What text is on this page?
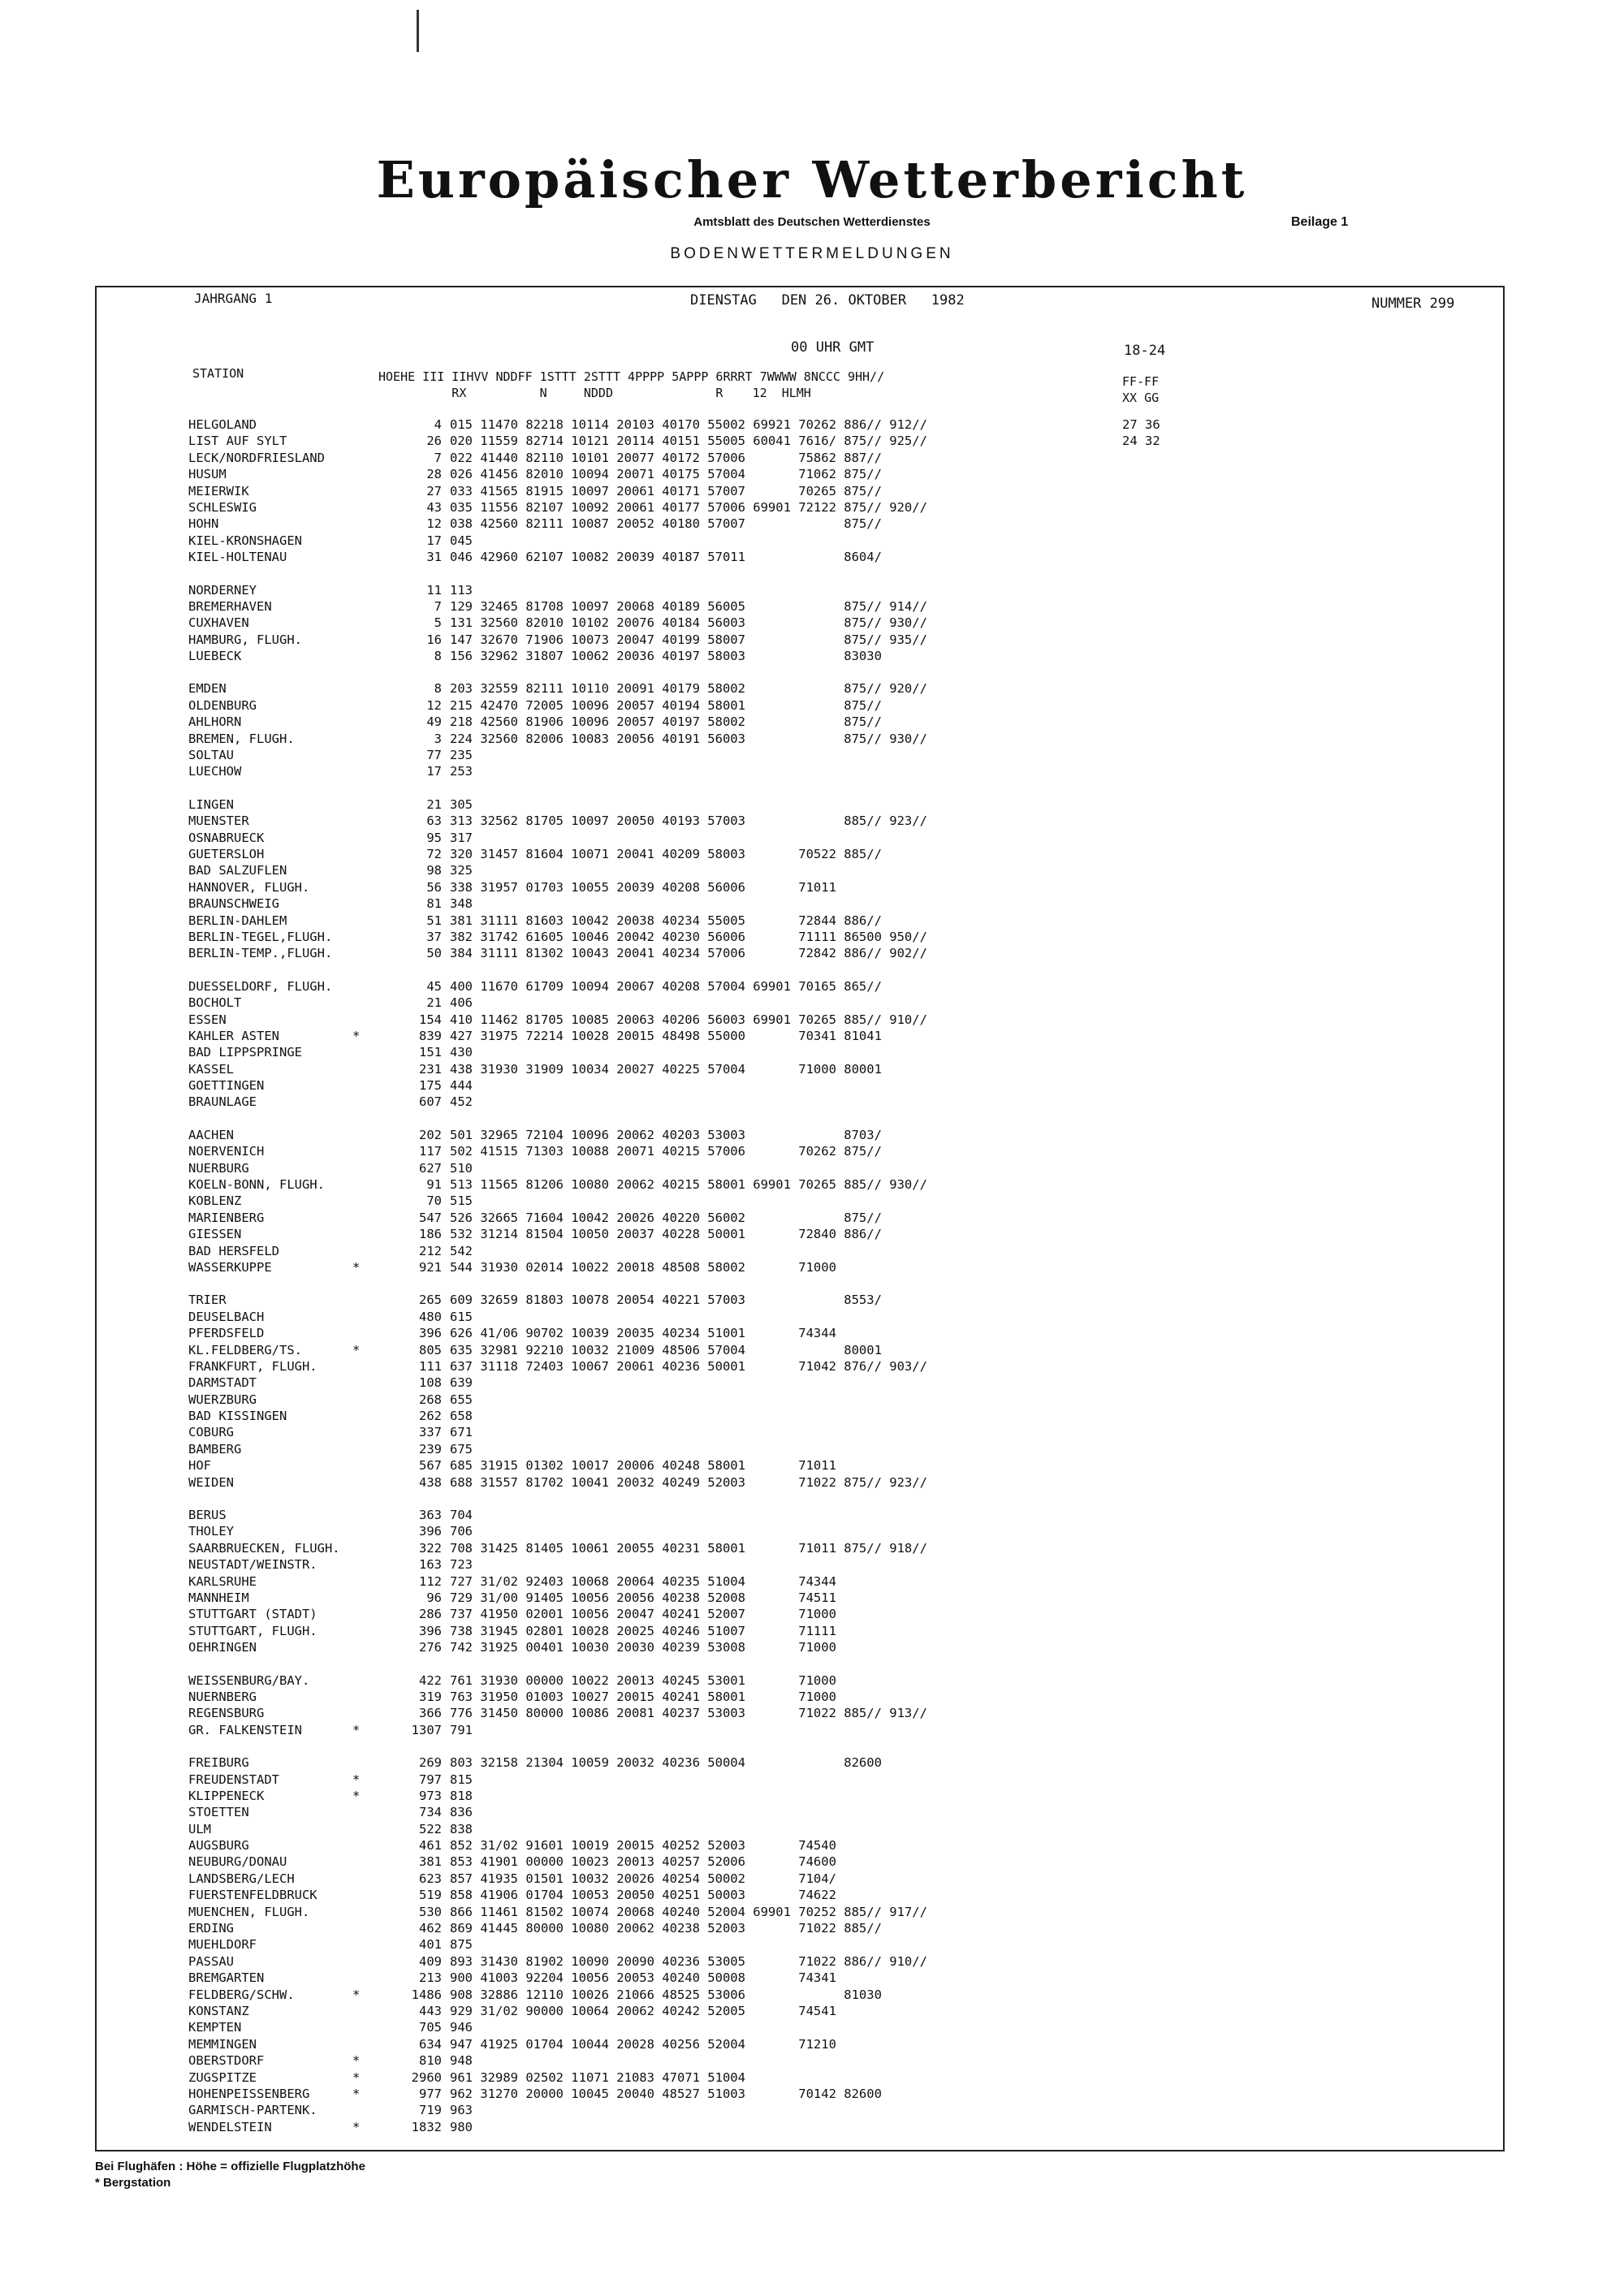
Europäischer Wetterbericht
Amtsblatt des Deutschen Wetterdienstes	Beilage 1
BODENWETTERMELDUNGEN
JAHRGANG 1	DIENSTAG   DEN 26. OKTOBER   1982	NUMMER 299
00 UHR GMT	18-24
STATION	HOEHE III IIHVV NDDFF 1STTT 2STTT 4PPPP 5APPP 6RRRT 7WWWW 8NCCC 9HH//
RX          N     NDDD              R    12  HLMH
FF-FF
XX GG
HELGOLAND	4 015 11470 82218 10114 20103 40170 55002 69921 70262 886// 912//	27 36
LIST AUF SYLT	26 020 11559 82714 10121 20114 40151 55005 60041 7616/ 875// 925//	24 32
LECK/NORDFRIESLAND	7 022 41440 82110 10101 20077 40172 57006       75862 887//
HUSUM	28 026 41456 82010 10094 20071 40175 57004       71062 875//
MEIERWIK	27 033 41565 81915 10097 20061 40171 57007       70265 875//
SCHLESWIG	43 035 11556 82107 10092 20061 40177 57006 69901 72122 875// 920//
HOHN	12 038 42560 82111 10087 20052 40180 57007             875//
KIEL-KRONSHAGEN	17 045
KIEL-HOLTENAU	31 046 42960 62107 10082 20039 40187 57011             8604/
NORDERNEY	11 113
BREMERHAVEN	7 129 32465 81708 10097 20068 40189 56005             875// 914//
CUXHAVEN	5 131 32560 82010 10102 20076 40184 56003             875// 930//
HAMBURG, FLUGH.	16 147 32670 71906 10073 20047 40199 58007             875// 935//
LUEBECK	8 156 32962 31807 10062 20036 40197 58003             83030
EMDEN	8 203 32559 82111 10110 20091 40179 58002             875// 920//
OLDENBURG	12 215 42470 72005 10096 20057 40194 58001             875//
AHLHORN	49 218 42560 81906 10096 20057 40197 58002             875//
BREMEN, FLUGH.	3 224 32560 82006 10083 20056 40191 56003             875// 930//
SOLTAU	77 235
LUECHOW	17 253
LINGEN	21 305
MUENSTER	63 313 32562 81705 10097 20050 40193 57003             885// 923//
OSNABRUECK	95 317
GUETERSLOH	72 320 31457 81604 10071 20041 40209 58003       70522 885//
BAD SALZUFLEN	98 325
HANNOVER, FLUGH.	56 338 31957 01703 10055 20039 40208 56006       71011
BRAUNSCHWEIG	81 348
BERLIN-DAHLEM	51 381 31111 81603 10042 20038 40234 55005       72844 886//
BERLIN-TEGEL,FLUGH.	37 382 31742 61605 10046 20042 40230 56006       71111 86500 950//
BERLIN-TEMP.,FLUGH.	50 384 31111 81302 10043 20041 40234 57006       72842 886// 902//
DUESSELDORF, FLUGH.	45 400 11670 61709 10094 20067 40208 57004 69901 70165 865//
BOCHOLT	21 406
ESSEN	154 410 11462 81705 10085 20063 40206 56003 69901 70265 885// 910//
KAHLER ASTEN	*	839 427 31975 72214 10028 20015 48498 55000       70341 81041
BAD LIPPSPRINGE	151 430
KASSEL	231 438 31930 31909 10034 20027 40225 57004       71000 80001
GOETTINGEN	175 444
BRAUNLAGE	607 452
AACHEN	202 501 32965 72104 10096 20062 40203 53003             8703/
NOERVENICH	117 502 41515 71303 10088 20071 40215 57006       70262 875//
NUERBURG	627 510
KOELN-BONN, FLUGH.	91 513 11565 81206 10080 20062 40215 58001 69901 70265 885// 930//
KOBLENZ	70 515
MARIENBERG	547 526 32665 71604 10042 20026 40220 56002             875//
GIESSEN	186 532 31214 81504 10050 20037 40228 50001       72840 886//
BAD HERSFELD	212 542
WASSERKUPPE	*	921 544 31930 02014 10022 20018 48508 58002       71000
TRIER	265 609 32659 81803 10078 20054 40221 57003             8553/
DEUSELBACH	480 615
PFERDSFELD	396 626 41/06 90702 10039 20035 40234 51001       74344
KL.FELDBERG/TS.	*	805 635 32981 92210 10032 21009 48506 57004             80001
FRANKFURT, FLUGH.	111 637 31118 72403 10067 20061 40236 50001       71042 876// 903//
DARMSTADT	108 639
WUERZBURG	268 655
BAD KISSINGEN	262 658
COBURG	337 671
BAMBERG	239 675
HOF	567 685 31915 01302 10017 20006 40248 58001       71011
WEIDEN	438 688 31557 81702 10041 20032 40249 52003       71022 875// 923//
BERUS	363 704
THOLEY	396 706
SAARBRUECKEN, FLUGH.	322 708 31425 81405 10061 20055 40231 58001       71011 875// 918//
NEUSTADT/WEINSTR.	163 723
KARLSRUHE	112 727 31/02 92403 10068 20064 40235 51004       74344
MANNHEIM	96 729 31/00 91405 10056 20056 40238 52008       74511
STUTTGART (STADT)	286 737 41950 02001 10056 20047 40241 52007       71000
STUTTGART, FLUGH.	396 738 31945 02801 10028 20025 40246 51007       71111
OEHRINGEN	276 742 31925 00401 10030 20030 40239 53008       71000
WEISSENBURG/BAY.	422 761 31930 00000 10022 20013 40245 53001       71000
NUERNBERG	319 763 31950 01003 10027 20015 40241 58001       71000
REGENSBURG	366 776 31450 80000 10086 20081 40237 53003       71022 885// 913//
GR. FALKENSTEIN	*	1307 791
FREIBURG	269 803 32158 21304 10059 20032 40236 50004             82600
FREUDENSTADT	*	797 815
KLIPPENECK	*	973 818
STOETTEN	734 836
ULM	522 838
AUGSBURG	461 852 31/02 91601 10019 20015 40252 52003       74540
NEUBURG/DONAU	381 853 41901 00000 10023 20013 40257 52006       74600
LANDSBERG/LECH	623 857 41935 01501 10032 20026 40254 50002       7104/
FUERSTENFELDBRUCK	519 858 41906 01704 10053 20050 40251 50003       74622
MUENCHEN, FLUGH.	530 866 11461 81502 10074 20068 40240 52004 69901 70252 885// 917//
ERDING	462 869 41445 80000 10080 20062 40238 52003       71022 885//
MUEHLDORF	401 875
PASSAU	409 893 31430 81902 10090 20090 40236 53005       71022 886// 910//
BREMGARTEN	213 900 41003 92204 10056 20053 40240 50008       74341
FELDBERG/SCHW.	*	1486 908 32886 12110 10026 21066 48525 53006             81030
KONSTANZ	443 929 31/02 90000 10064 20062 40242 52005       74541
KEMPTEN	705 946
MEMMINGEN	634 947 41925 01704 10044 20028 40256 52004       71210
OBERSTDORF	*	810 948
ZUGSPITZE	*	2960 961 32989 02502 11071 21083 47071 51004
HOHENPEISSENBERG	*	977 962 31270 20000 10045 20040 48527 51003       70142 82600
GARMISCH-PARTENK.	719 963
WENDELSTEIN	*	1832 980
Bei Flughäfen : Höhe = offizielle Flugplatzhöhe
* Bergstation
